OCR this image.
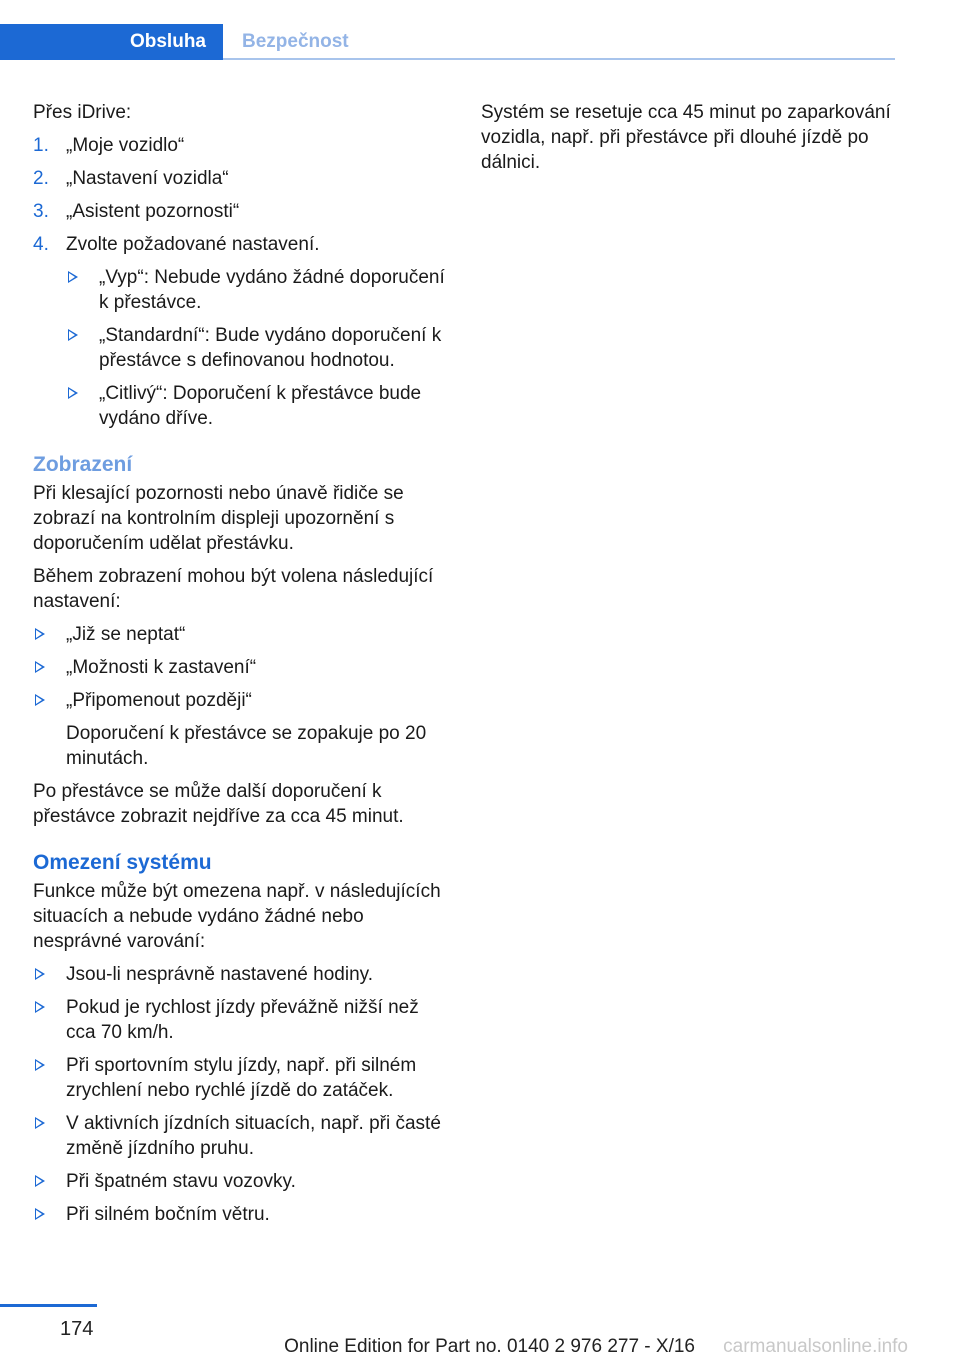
Obsluha	Bezpečnost

Přes iDrive:

1. „Moje vozidlo“
2. „Nastavení vozidla“
3. „Asistent pozornosti“
4. Zvolte požadované nastavení.
„Vyp“: Nebude vydáno žádné doporučení k přestávce.
„Standardní“: Bude vydáno doporučení k přestávce s definovanou hodnotou.
„Citlivý“: Doporučení k přestávce bude vydáno dříve.
Zobrazení

Při klesající pozornosti nebo únavě řidiče se zobrazí na kontrolním displeji upozornění s doporučením udělat přestávku.

Během zobrazení mohou být volena následující nastavení:

„Již se neptat“
„Možnosti k zastavení“
„Připomenout později“

Doporučení k přestávce se zopakuje po 20 minutách.

Po přestávce se může další doporučení k přestávce zobrazit nejdříve za cca 45 minut.

Omezení systému

Funkce může být omezena např. v následujících situacích a nebude vydáno žádné nebo nesprávné varování:

Jsou-li nesprávně nastavené hodiny.
Pokud je rychlost jízdy převážně nižší než cca 70 km/h.
Při sportovním stylu jízdy, např. při silném zrychlení nebo rychlé jízdě do zatáček.
V aktivních jízdních situacích, např. při časté změně jízdního pruhu.
Při špatném stavu vozovky.
Při silném bočním větru.

Systém se resetuje cca 45 minut po zaparkování vozidla, např. při přestávce při dlouhé jízdě po dálnici.

174
Online Edition for Part no. 0140 2 976 277 - X/16 carmanualsonline.info
